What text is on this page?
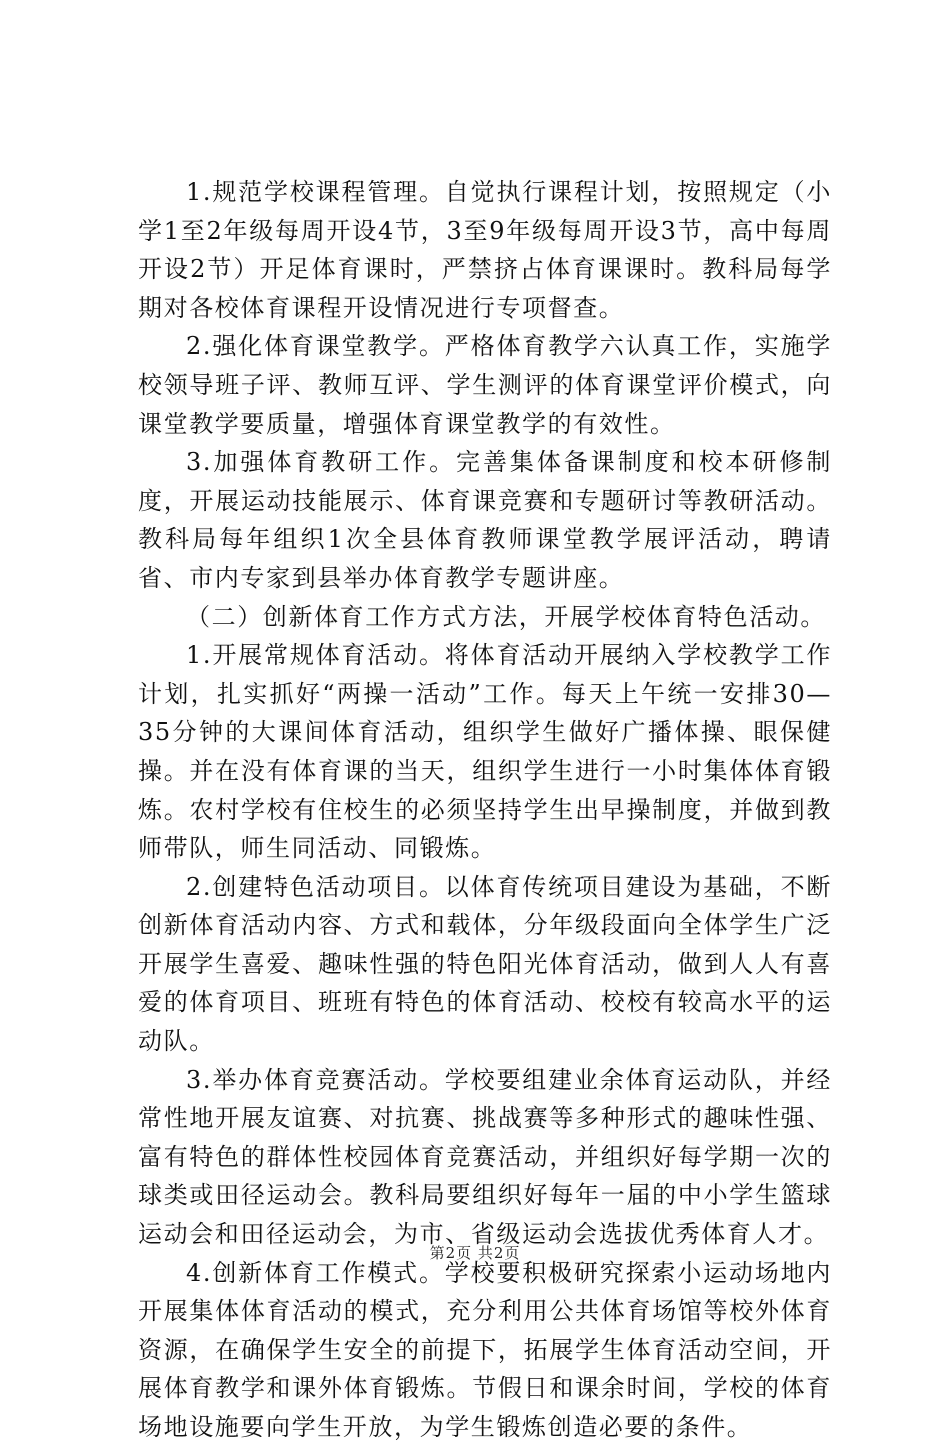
1.规范学校课程管理。自觉执行课程计划，按照规定（小学1至2年级每周开设4节，3至9年级每周开设3节，高中每周开设2节）开足体育课时，严禁挤占体育课课时。教科局每学期对各校体育课程开设情况进行专项督查。

2.强化体育课堂教学。严格体育教学六认真工作，实施学校领导班子评、教师互评、学生测评的体育课堂评价模式，向课堂教学要质量，增强体育课堂教学的有效性。

3.加强体育教研工作。完善集体备课制度和校本研修制度，开展运动技能展示、体育课竞赛和专题研讨等教研活动。教科局每年组织1次全县体育教师课堂教学展评活动，聘请省、市内专家到县举办体育教学专题讲座。

（二）创新体育工作方式方法，开展学校体育特色活动。

1.开展常规体育活动。将体育活动开展纳入学校教学工作计划，扎实抓好“两操一活动”工作。每天上午统一安排30—35分钟的大课间体育活动，组织学生做好广播体操、眼保健操。并在没有体育课的当天，组织学生进行一小时集体体育锻炼。农村学校有住校生的必须坚持学生出早操制度，并做到教师带队，师生同活动、同锻炼。

2.创建特色活动项目。以体育传统项目建设为基础，不断创新体育活动内容、方式和载体，分年级段面向全体学生广泛开展学生喜爱、趣味性强的特色阳光体育活动，做到人人有喜爱的体育项目、班班有特色的体育活动、校校有较高水平的运动队。

3.举办体育竞赛活动。学校要组建业余体育运动队，并经常性地开展友谊赛、对抗赛、挑战赛等多种形式的趣味性强、富有特色的群体性校园体育竞赛活动，并组织好每学期一次的球类或田径运动会。教科局要组织好每年一届的中小学生篮球运动会和田径运动会，为市、省级运动会选拔优秀体育人才。

4.创新体育工作模式。学校要积极研究探索小运动场地内开展集体体育活动的模式，充分利用公共体育场馆等校外体育资源，在确保学生安全的前提下，拓展学生体育活动空间，开展体育教学和课外体育锻炼。节假日和课余时间，学校的体育场地设施要向学生开放，为学生锻炼创造必要的条件。

第2页 共2页
